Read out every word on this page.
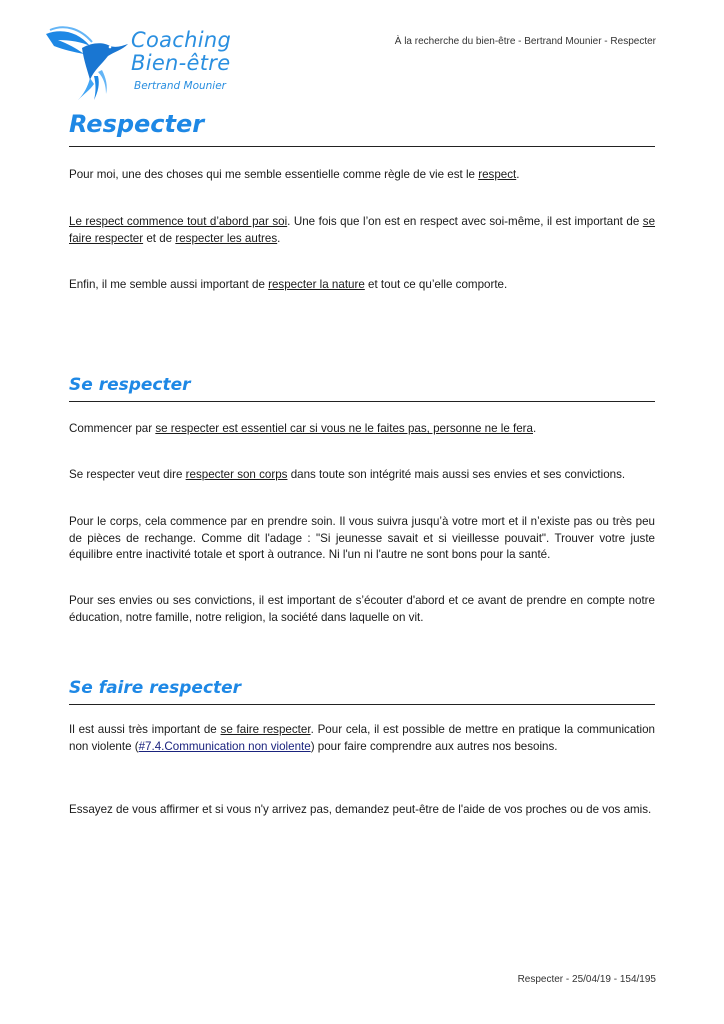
Coaching
Bien-être
Bertrand Mounier
À la recherche du bien-être - Bertrand Mounier - Respecter
Respecter

Pour moi, une des choses qui me semble essentielle comme règle de vie est le respect.

Le respect commence tout d’abord par soi. Une fois que l’on est en respect avec soi-même, il est important de se faire respecter et de respecter les autres.

Enfin, il me semble aussi important de respecter la nature et tout ce qu’elle comporte.

Se respecter

Commencer par se respecter est essentiel car si vous ne le faites pas, personne ne le fera.

Se respecter veut dire respecter son corps dans toute son intégrité mais aussi ses envies et ses convictions.

Pour le corps, cela commence par en prendre soin. Il vous suivra jusqu’à votre mort et il n’existe pas ou très peu de pièces de rechange. Comme dit l'adage : "Si jeunesse savait et si vieillesse pouvait". Trouver votre juste équilibre entre inactivité totale et sport à outrance. Ni l'un ni l'autre ne sont bons pour la santé.

Pour ses envies ou ses convictions, il est important de s’écouter d'abord et ce avant de prendre en compte notre éducation, notre famille, notre religion, la société dans laquelle on vit.

Se faire respecter

Il est aussi très important de se faire respecter. Pour cela, il est possible de mettre en pratique la communication non violente (#7.4.Communication non violente) pour faire comprendre aux autres nos besoins.

Essayez de vous affirmer et si vous n'y arrivez pas, demandez peut-être de l'aide de vos proches ou de vos amis.

Respecter - 25/04/19 - 154/195
